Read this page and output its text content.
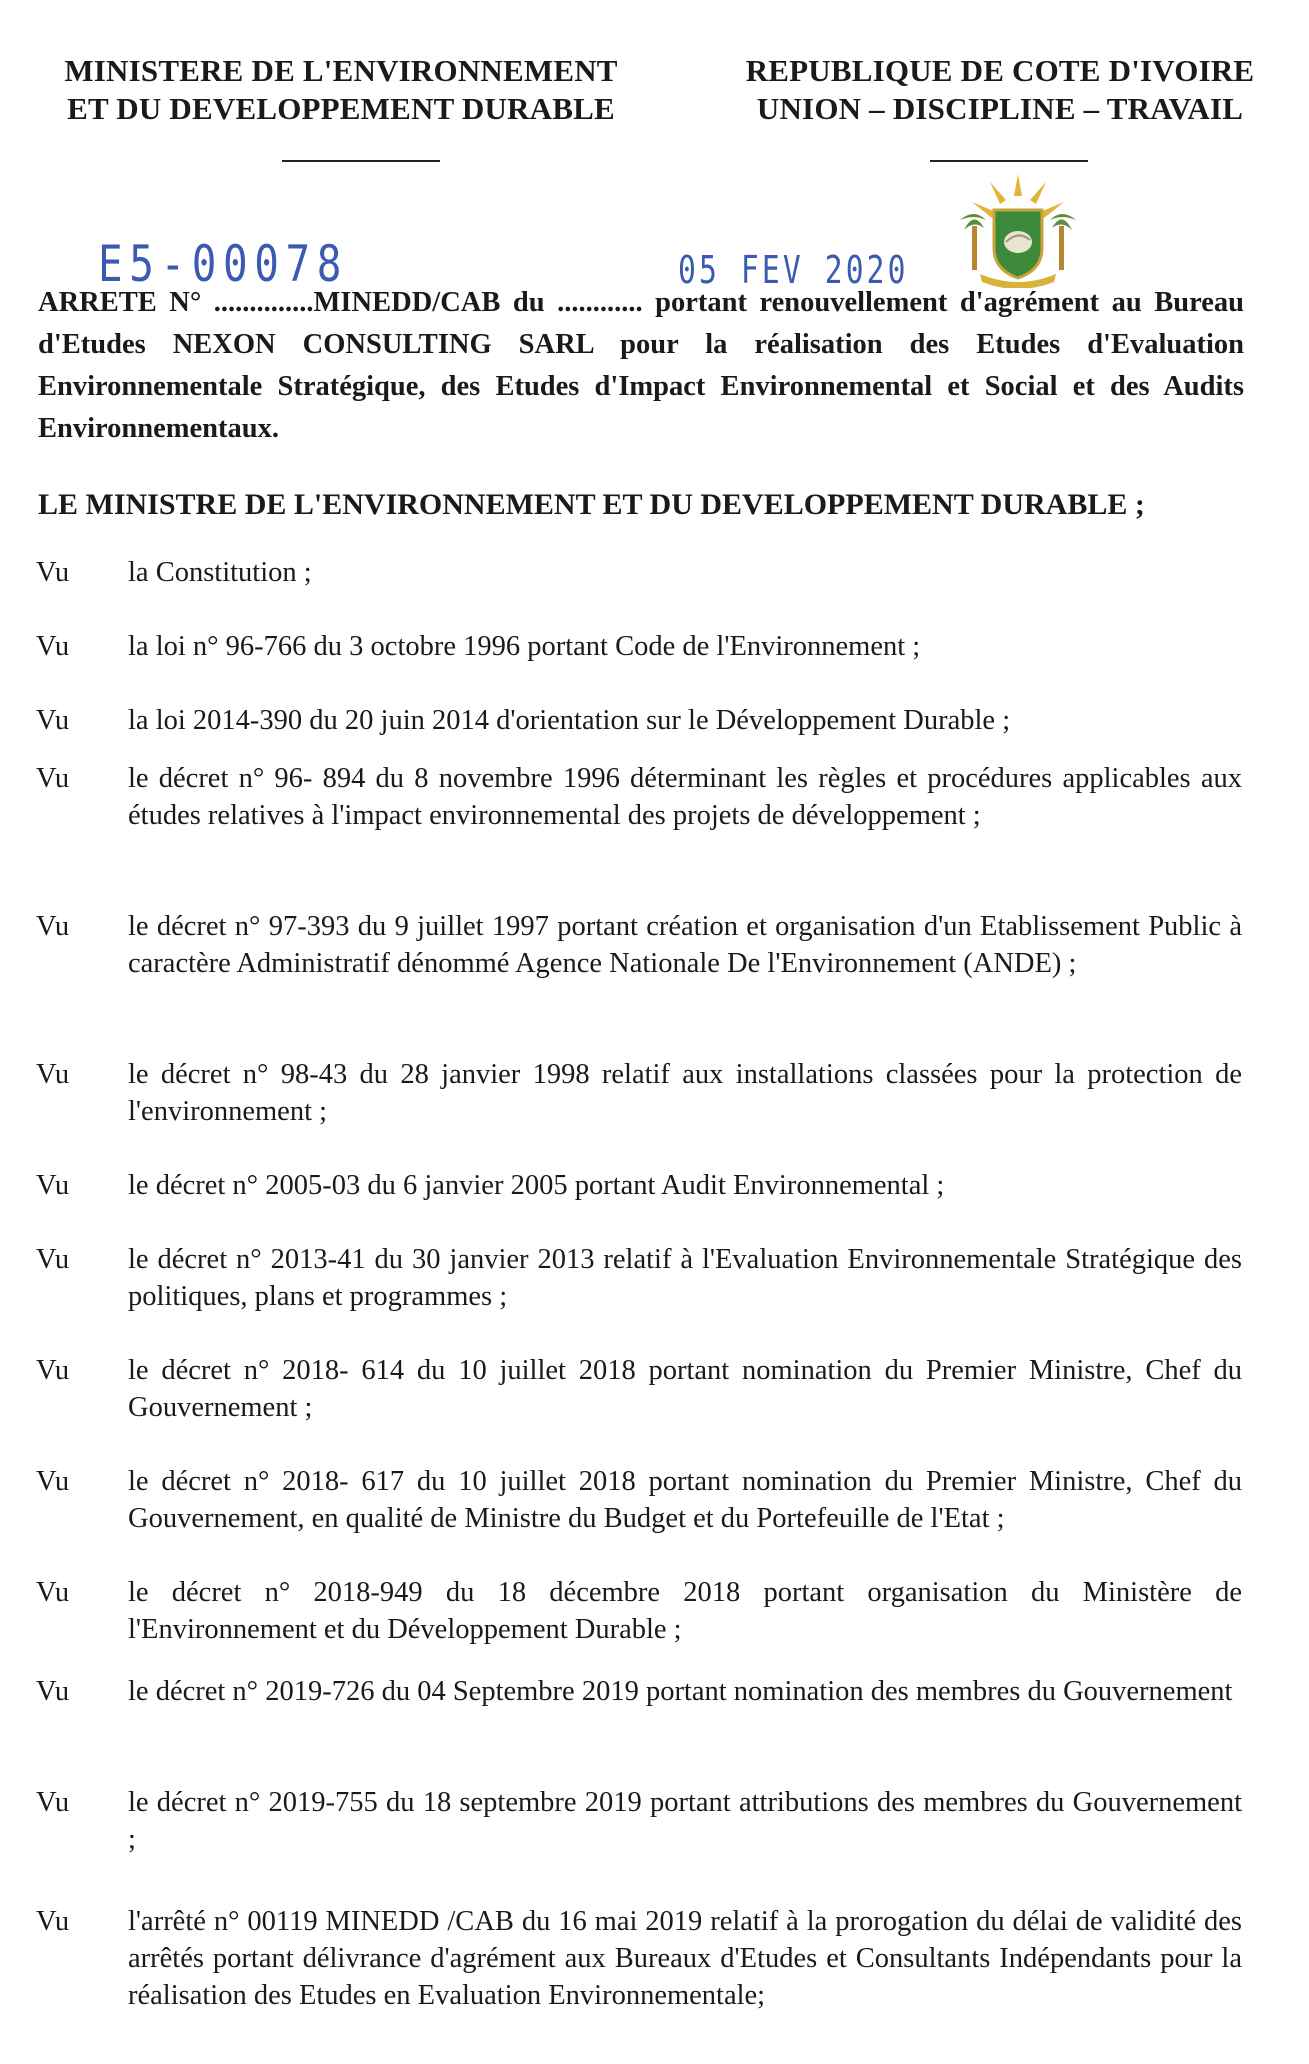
MINISTERE DE L'ENVIRONNEMENT
ET DU DEVELOPPEMENT DURABLE
REPUBLIQUE DE COTE D'IVOIRE
UNION – DISCIPLINE – TRAVAIL
E5-00078	05 FEV 2020
ARRETE N° ..............MINEDD/CAB du ............ portant renouvellement d'agrément au Bureau d'Etudes NEXON CONSULTING SARL pour la réalisation des Etudes d'Evaluation Environnementale Stratégique, des Etudes d'Impact Environnemental et Social et des Audits Environnementaux.
LE MINISTRE DE L'ENVIRONNEMENT ET DU DEVELOPPEMENT DURABLE ;
Vu la Constitution ;
Vu la loi n° 96-766 du 3 octobre 1996 portant Code de l'Environnement ;
Vu la loi 2014-390 du 20 juin 2014 d'orientation sur le Développement Durable ;
Vu le décret n° 96- 894 du 8 novembre 1996 déterminant les règles et procédures applicables aux études relatives à l'impact environnemental des projets de développement ;
Vu le décret n° 97-393 du 9 juillet 1997 portant création et organisation d'un Etablissement Public à caractère Administratif dénommé Agence Nationale De l'Environnement (ANDE) ;
Vu le décret n° 98-43 du 28 janvier 1998 relatif aux installations classées pour la protection de l'environnement ;
Vu le décret n° 2005-03 du 6 janvier 2005 portant Audit Environnemental ;
Vu le décret n° 2013-41 du 30 janvier 2013 relatif à l'Evaluation Environnementale Stratégique des politiques, plans et programmes ;
Vu le décret n° 2018- 614 du 10 juillet 2018 portant nomination du Premier Ministre, Chef du Gouvernement ;
Vu le décret n° 2018- 617 du 10 juillet 2018 portant nomination du Premier Ministre, Chef du Gouvernement, en qualité de Ministre du Budget et du Portefeuille de l'Etat ;
Vu le décret n° 2018-949 du 18 décembre 2018 portant organisation du Ministère de l'Environnement et du Développement Durable ;
Vu le décret n° 2019-726 du 04 Septembre 2019 portant nomination des membres du Gouvernement
Vu le décret n° 2019-755 du 18 septembre 2019 portant attributions des membres du Gouvernement ;
Vu l'arrêté n° 00119 MINEDD /CAB du 16 mai 2019 relatif à la prorogation du délai de validité des arrêtés portant délivrance d'agrément aux Bureaux d'Etudes et Consultants Indépendants pour la réalisation des Etudes en Evaluation Environnementale;
